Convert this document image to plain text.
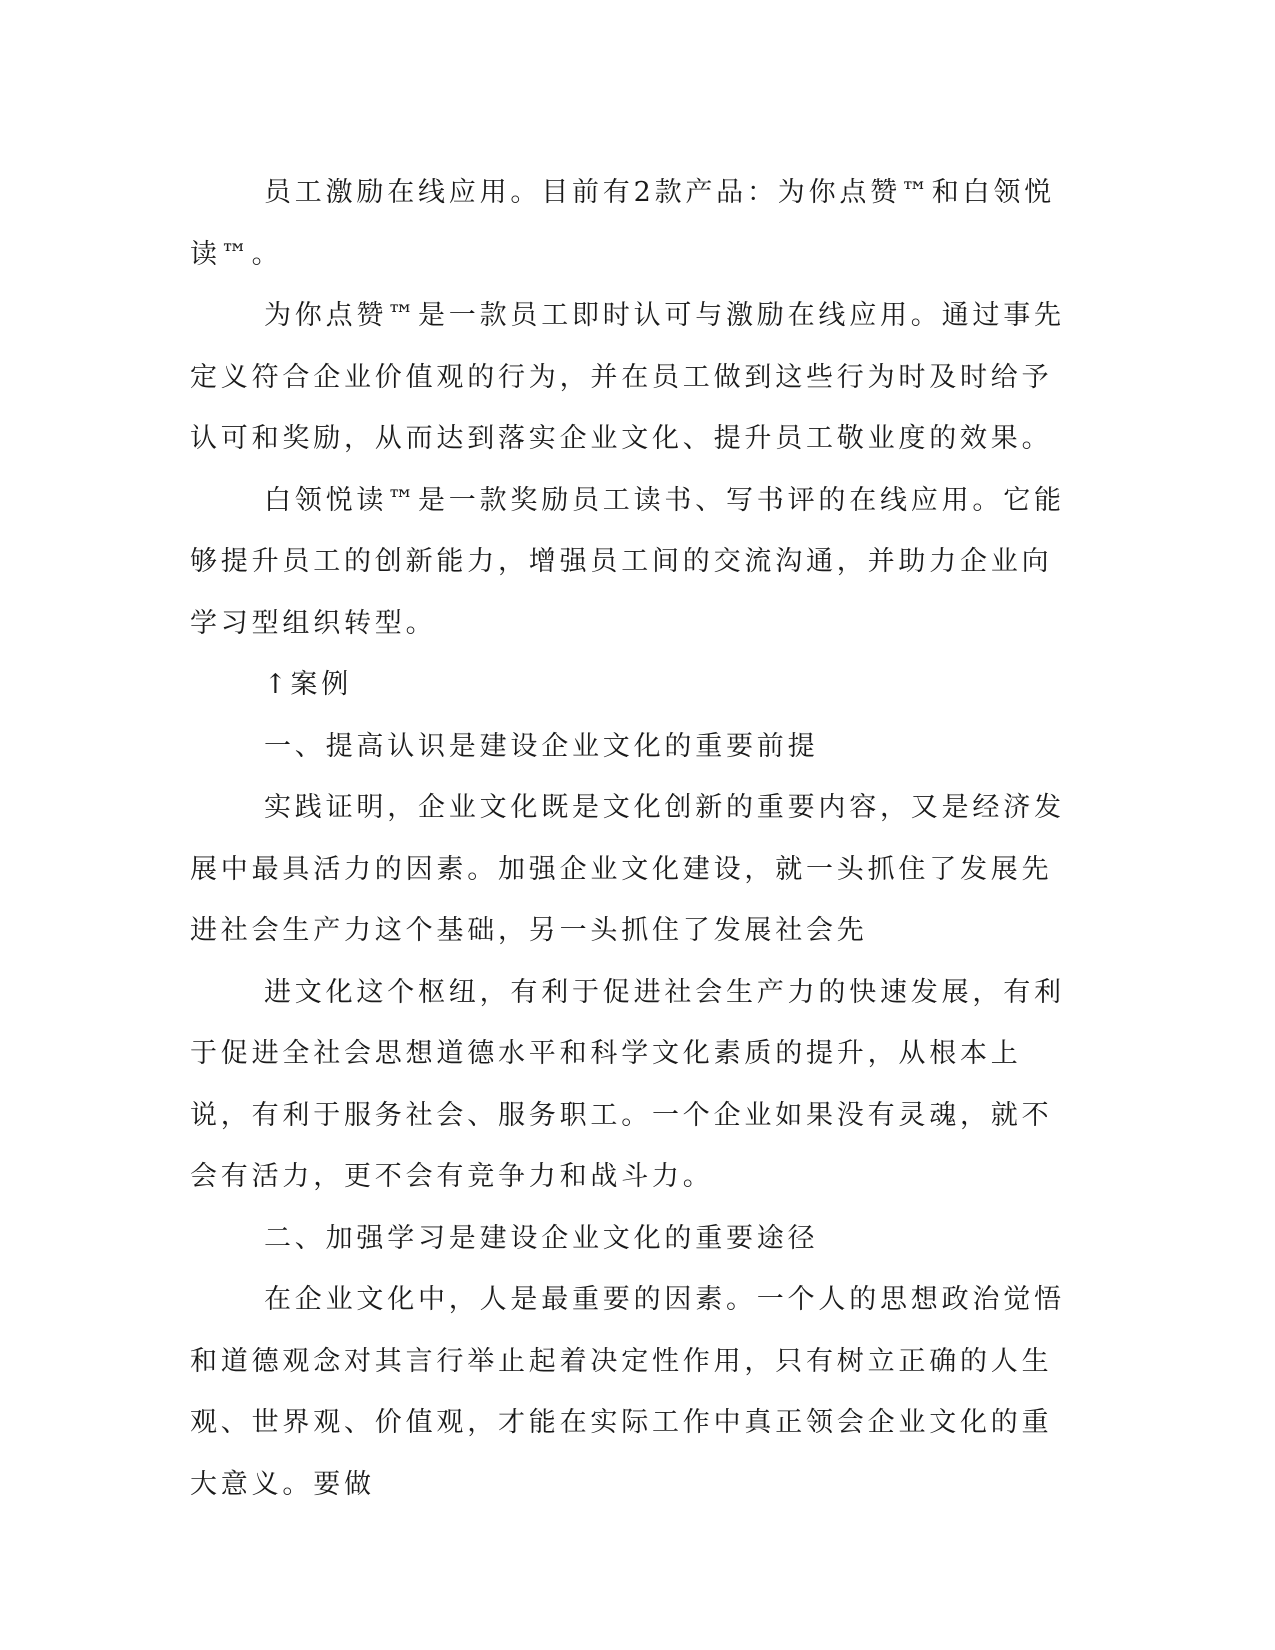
员工激励在线应用。目前有2款产品：为你点赞™和白领悦读™。

为你点赞™是一款员工即时认可与激励在线应用。通过事先定义符合企业价值观的行为，并在员工做到这些行为时及时给予认可和奖励，从而达到落实企业文化、提升员工敬业度的效果。

白领悦读™是一款奖励员工读书、写书评的在线应用。它能够提升员工的创新能力，增强员工间的交流沟通，并助力企业向学习型组织转型。

↑案例

一、提高认识是建设企业文化的重要前提

实践证明，企业文化既是文化创新的重要内容，又是经济发展中最具活力的因素。加强企业文化建设，就一头抓住了发展先进社会生产力这个基础，另一头抓住了发展社会先

进文化这个枢纽，有利于促进社会生产力的快速发展，有利于促进全社会思想道德水平和科学文化素质的提升，从根本上说，有利于服务社会、服务职工。一个企业如果没有灵魂，就不会有活力，更不会有竞争力和战斗力。

二、加强学习是建设企业文化的重要途径

在企业文化中，人是最重要的因素。一个人的思想政治觉悟和道德观念对其言行举止起着决定性作用，只有树立正确的人生观、世界观、价值观，才能在实际工作中真正领会企业文化的重大意义。要做
